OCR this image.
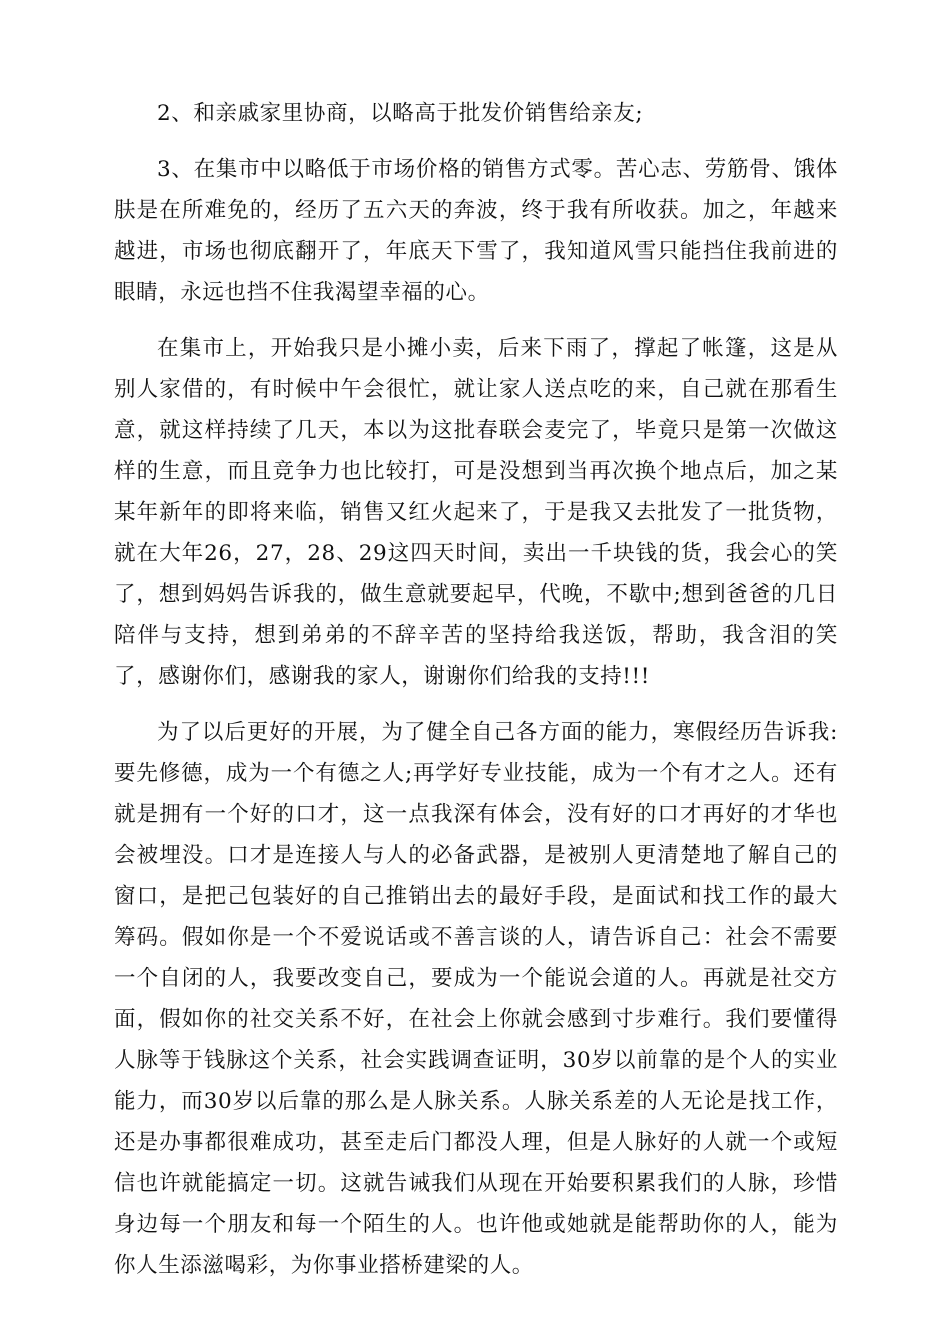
2、和亲戚家里协商，以略高于批发价销售给亲友;

3、在集市中以略低于市场价格的销售方式零。苦心志、劳筋骨、饿体肤是在所难免的，经历了五六天的奔波，终于我有所收获。加之，年越来越进，市场也彻底翻开了，年底天下雪了，我知道风雪只能挡住我前进的眼睛，永远也挡不住我渴望幸福的心。

在集市上，开始我只是小摊小卖，后来下雨了，撑起了帐篷，这是从别人家借的，有时候中午会很忙，就让家人送点吃的来，自己就在那看生意，就这样持续了几天，本以为这批春联会麦完了，毕竟只是第一次做这样的生意，而且竞争力也比较打，可是没想到当再次换个地点后，加之某某年新年的即将来临，销售又红火起来了，于是我又去批发了一批货物，就在大年26，27，28、29这四天时间，卖出一千块钱的货，我会心的笑了，想到妈妈告诉我的，做生意就要起早，代晚，不歇中;想到爸爸的几日陪伴与支持，想到弟弟的不辞辛苦的坚持给我送饭，帮助，我含泪的笑了，感谢你们，感谢我的家人，谢谢你们给我的支持!!!

为了以后更好的开展，为了健全自己各方面的能力，寒假经历告诉我:要先修德，成为一个有德之人;再学好专业技能，成为一个有才之人。还有就是拥有一个好的口才，这一点我深有体会，没有好的口才再好的才华也会被埋没。口才是连接人与人的必备武器，是被别人更清楚地了解自己的窗口，是把己包装好的自己推销出去的最好手段，是面试和找工作的最大筹码。假如你是一个不爱说话或不善言谈的人，请告诉自己：社会不需要一个自闭的人，我要改变自己，要成为一个能说会道的人。再就是社交方面，假如你的社交关系不好，在社会上你就会感到寸步难行。我们要懂得人脉等于钱脉这个关系，社会实践调查证明，30岁以前靠的是个人的实业能力，而30岁以后靠的那么是人脉关系。人脉关系差的人无论是找工作，还是办事都很难成功，甚至走后门都没人理，但是人脉好的人就一个或短信也许就能搞定一切。这就告诫我们从现在开始要积累我们的人脉，珍惜身边每一个朋友和每一个陌生的人。也许他或她就是能帮助你的人，能为你人生添滋喝彩，为你事业搭桥建梁的人。
